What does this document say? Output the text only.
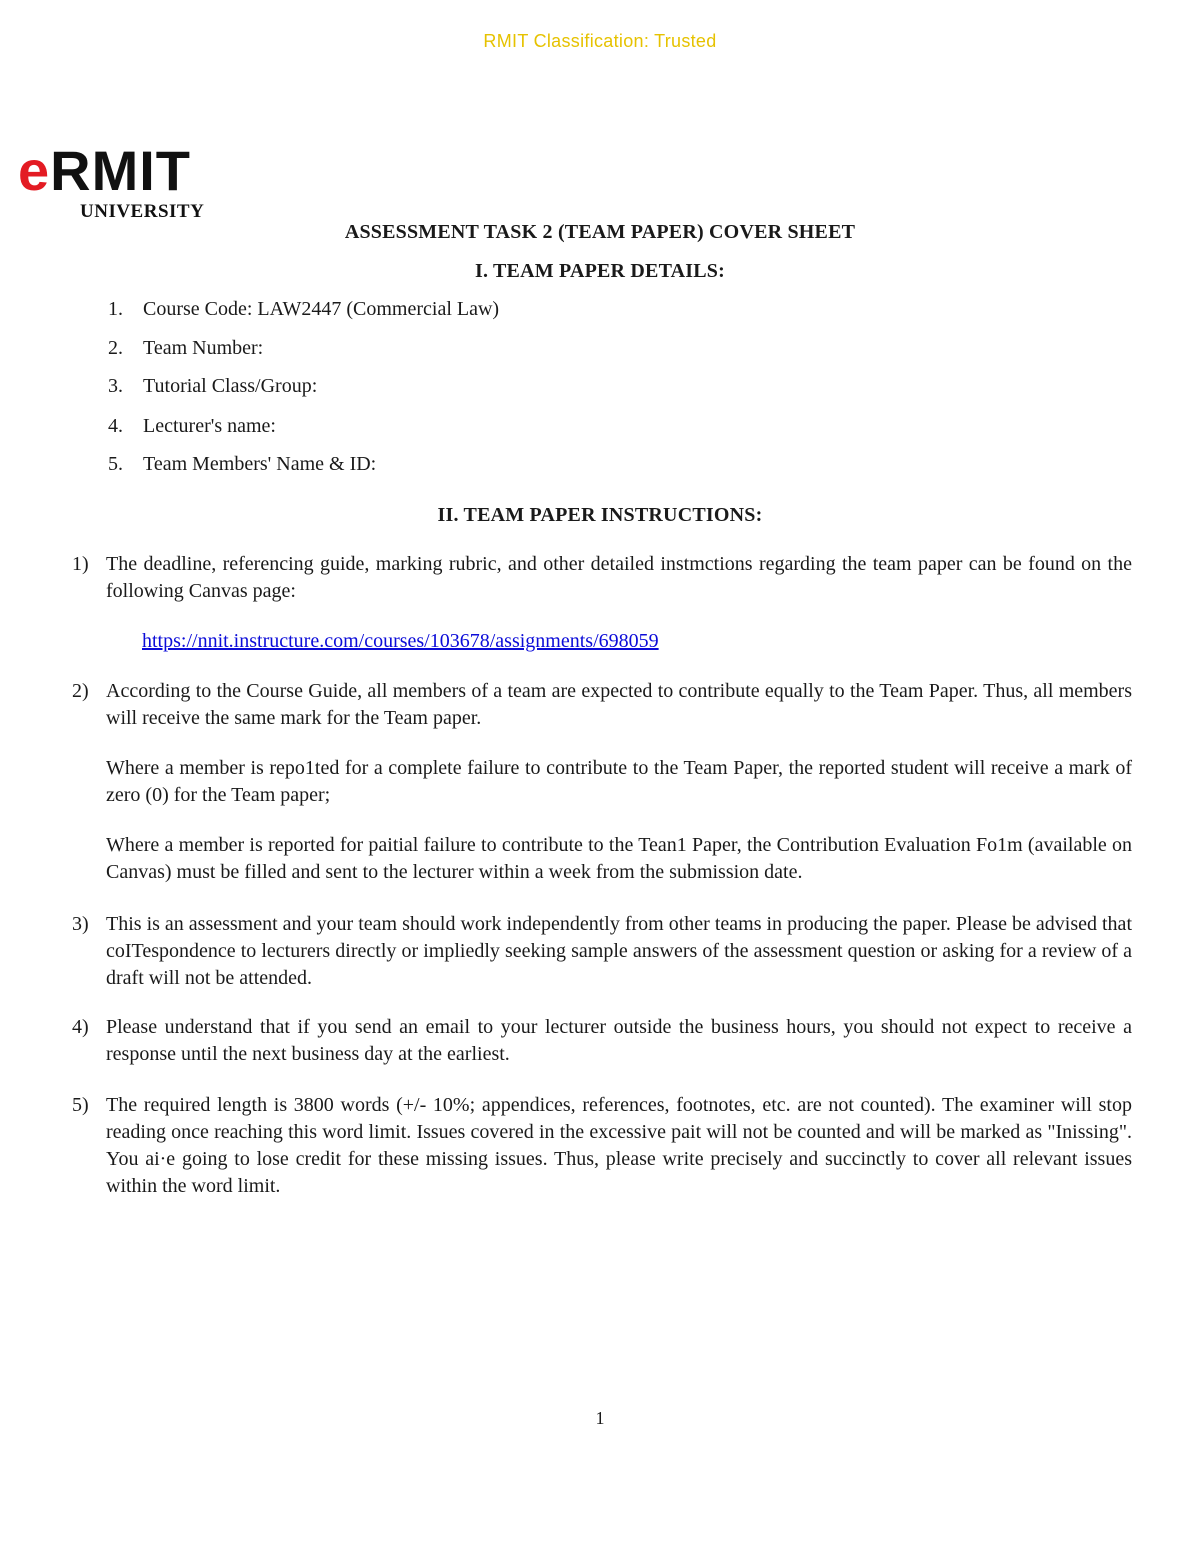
RMIT Classification: Trusted
eRMIT
UNIVERSITY
ASSESSMENT TASK 2 (TEAM PAPER) COVER SHEET
I. TEAM PAPER DETAILS:
1. Course Code: LAW2447 (Commercial Law)
2. Team Number:
3. Tutorial Class/Group:
4. Lecturer's name:
5. Team Members' Name & ID:
II. TEAM PAPER INSTRUCTIONS:
1) The deadline, referencing guide, marking rubric, and other detailed instmctions regarding the team paper can be found on the following Canvas page:

https://nnit.instructure.com/courses/103678/assignments/698059

2) According to the Course Guide, all members of a team are expected to contribute equally to the Team Paper. Thus, all members will receive the same mark for the Team paper.

Where a member is repo1ted for a complete failure to contribute to the Team Paper, the reported student will receive a mark of zero (0) for the Team paper;

Where a member is reported for paitial failure to contribute to the Tean1 Paper, the Contribution Evaluation Fo1m (available on Canvas) must be filled and sent to the lecturer within a week from the submission date.

3) This is an assessment and your team should work independently from other teams in producing the paper. Please be advised that coITespondence to lecturers directly or impliedly seeking sample answers of the assessment question or asking for a review of a draft will not be attended.

4) Please understand that if you send an email to your lecturer outside the business hours, you should not expect to receive a response until the next business day at the earliest.

5) The required length is 3800 words (+/- 10%; appendices, references, footnotes, etc. are not counted). The examiner will stop reading once reaching this word limit. Issues covered in the excessive pait will not be counted and will be marked as "Inissing". You ai·e going to lose credit for these missing issues. Thus, please write precisely and succinctly to cover all relevant issues within the word limit.

1
